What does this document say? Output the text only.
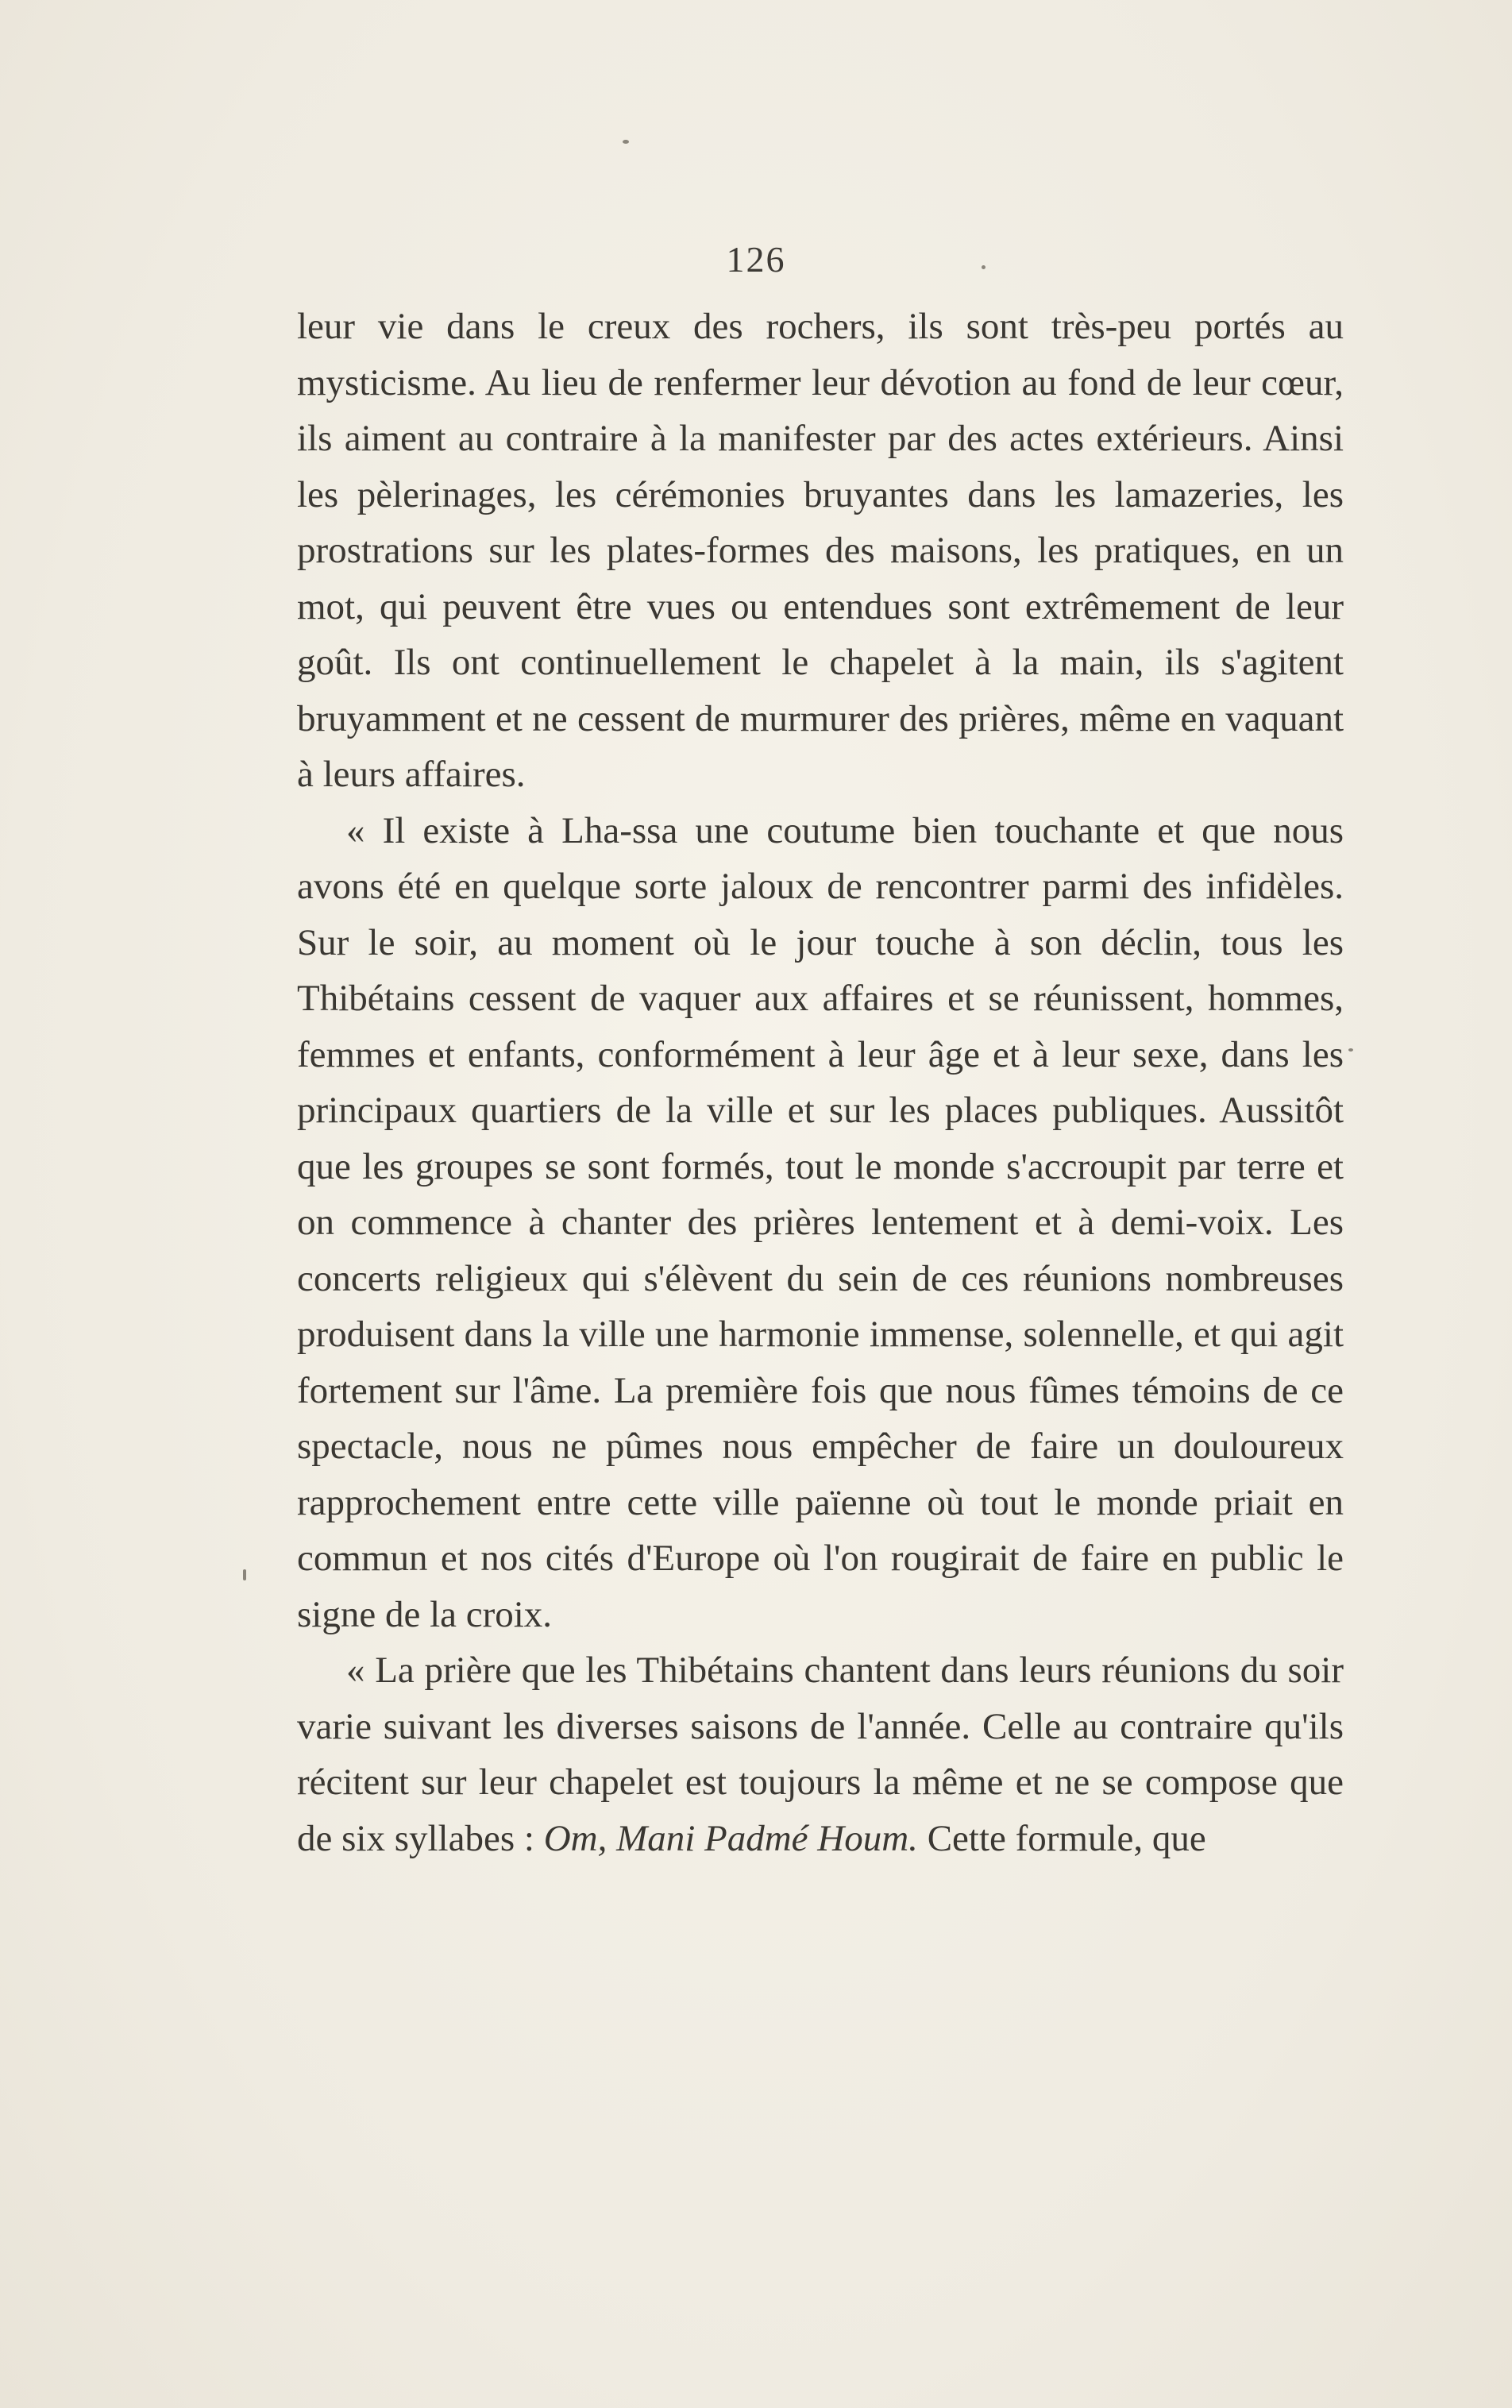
126

leur vie dans le creux des rochers, ils sont très-peu portés au mysticisme. Au lieu de renfermer leur dévotion au fond de leur cœur, ils aiment au contraire à la manifester par des actes extérieurs. Ainsi les pèlerinages, les cérémonies bruyantes dans les lamazeries, les prostrations sur les plates-formes des maisons, les pratiques, en un mot, qui peuvent être vues ou entendues sont extrêmement de leur goût. Ils ont continuellement le chapelet à la main, ils s'agitent bruyamment et ne cessent de murmurer des prières, même en vaquant à leurs affaires.

« Il existe à Lha-ssa une coutume bien touchante et que nous avons été en quelque sorte jaloux de rencontrer parmi des infidèles. Sur le soir, au moment où le jour touche à son déclin, tous les Thibétains cessent de vaquer aux affaires et se réunissent, hommes, femmes et enfants, conformément à leur âge et à leur sexe, dans les principaux quartiers de la ville et sur les places publiques. Aussitôt que les groupes se sont formés, tout le monde s'accroupit par terre et on commence à chanter des prières lentement et à demi-voix. Les concerts religieux qui s'élèvent du sein de ces réunions nombreuses produisent dans la ville une harmonie immense, solennelle, et qui agit fortement sur l'âme. La première fois que nous fûmes témoins de ce spectacle, nous ne pûmes nous empêcher de faire un douloureux rapprochement entre cette ville païenne où tout le monde priait en commun et nos cités d'Europe où l'on rougirait de faire en public le signe de la croix.

« La prière que les Thibétains chantent dans leurs réunions du soir varie suivant les diverses saisons de l'année. Celle au contraire qu'ils récitent sur leur chapelet est toujours la même et ne se compose que de six syllabes : Om, Mani Padmé Houm. Cette formule, que
